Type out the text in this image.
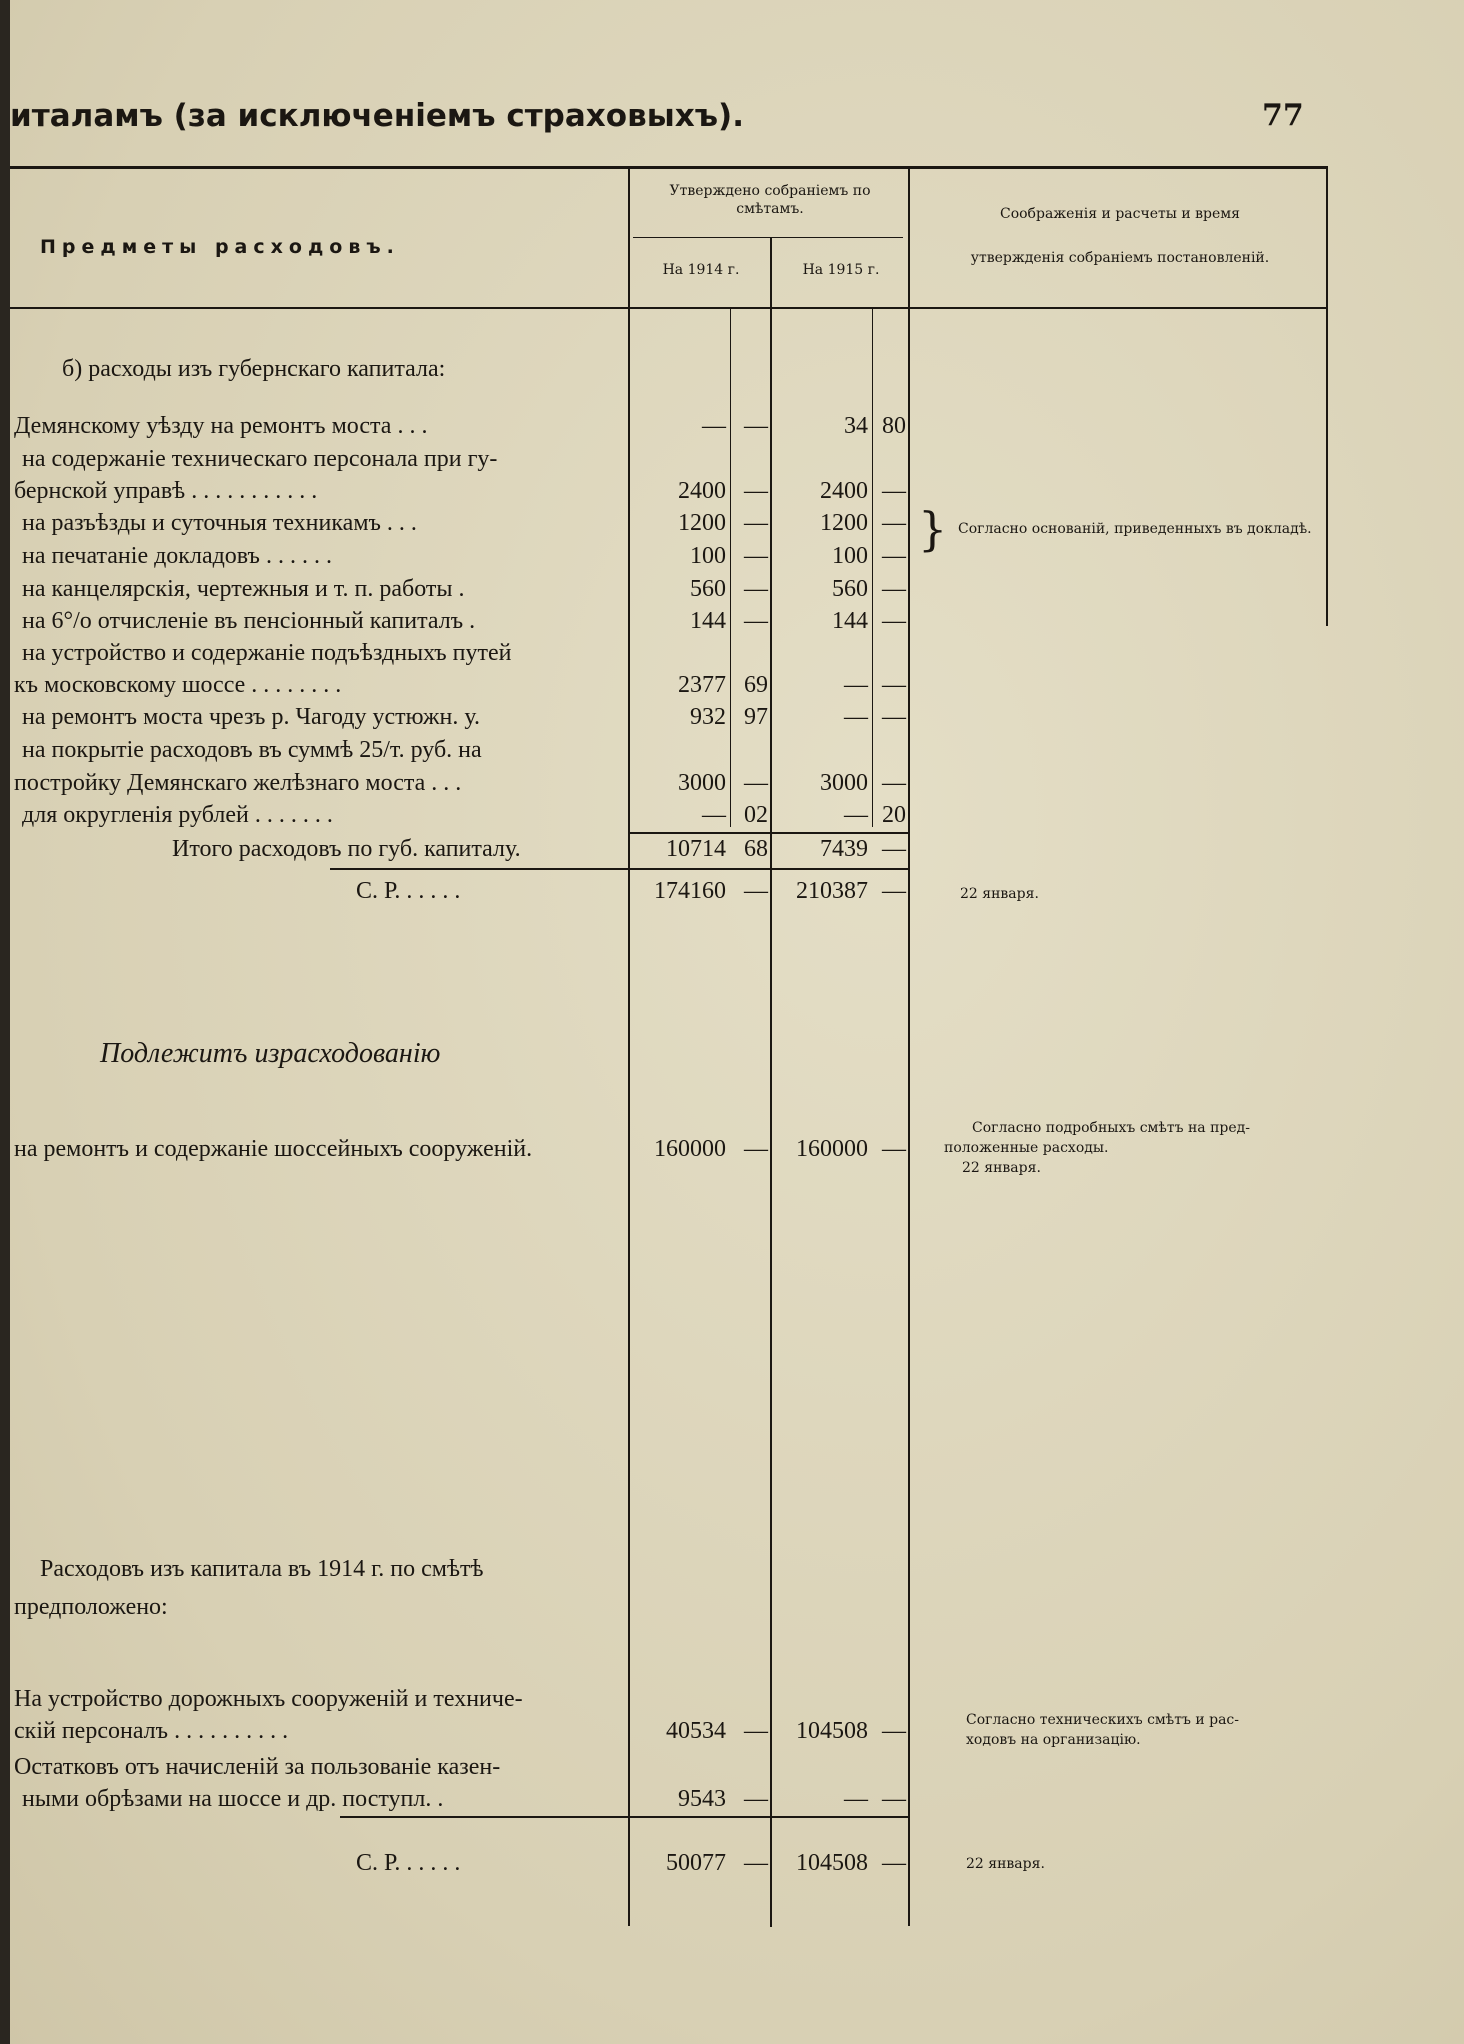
италамъ (за исключеніемъ страховыхъ).	77
Предметы расходовъ.
Утверждено собраніемъ по смѣтамъ.
На 1914 г.	На 1915 г.
Соображенія и расчеты и время
утвержденія собраніемъ постановленій.
б) расходы изъ губернскаго капитала:
Демянскому уѣзду на ремонтъ моста . . .	— —	34 80
на содержаніе техническаго персонала при гу-
бернской управѣ . . . . . . . . . . .	2400 —	2400 —
на разъѣзды и суточныя техникамъ . . .	1200 —	1200 —
на печатаніе докладовъ . . . . . .	100 —	100 — } Согласно основаній, приведенныхъ въ докладѣ.
на канцелярскія, чертежныя и т. п. работы .	560 —	560 —
на 6°/о отчисленіе въ пенсіонный капиталъ .	144 —	144 —
на устройство и содержаніе подъѣздныхъ путей
къ московскому шоссе . . . . . . . .	2377 69	— —
на ремонтъ моста чрезъ р. Чагоду устюжн. у.	932 97	— —
на покрытіе расходовъ въ суммѣ 25/т. руб. на
постройку Демянскаго желѣзнаго моста . . .	3000 —	3000 —
для округленія рублей . . . . . . .	— 02	— 20
Итого расходовъ по губ. капиталу.	10714 68	7439 —
С. Р. . . . . .	174160 —	210387 —	22 января.
Подлежитъ израсходованію
на ремонтъ и содержаніе шоссейныхъ сооруженій.	160000 —	160000 —
Согласно подробныхъ смѣтъ на пред-
положенные расходы.
22 января.
Расходовъ изъ капитала въ 1914 г. по смѣтѣ
предположено:
На устройство дорожныхъ сооруженій и техниче-
скій персоналъ . . . . . . . . . .	40534 —	104508 —	Согласно техническихъ смѣтъ и рас-
ходовъ на организацію.
Остатковъ отъ начисленій за пользованіе казен-
ными обрѣзами на шоссе и др. поступл. .	9543 —	— —
С. Р. . . . . .	50077 —	104508 —	22 января.
